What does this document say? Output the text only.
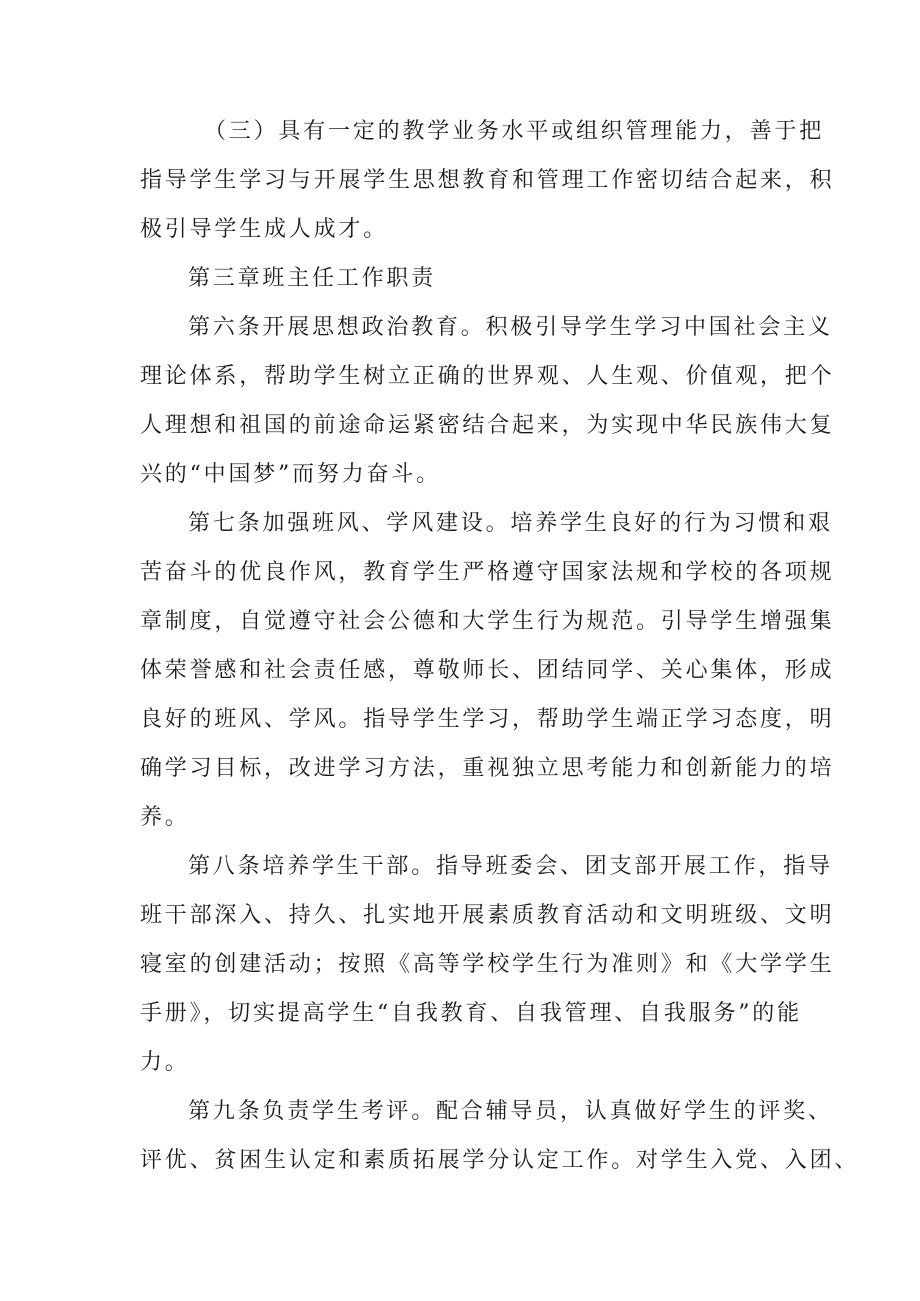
（三）具有一定的教学业务水平或组织管理能力，善于把
指导学生学习与开展学生思想教育和管理工作密切结合起来，积
极引导学生成人成才。
第三章班主任工作职责
第六条开展思想政治教育。积极引导学生学习中国社会主义
理论体系，帮助学生树立正确的世界观、人生观、价值观，把个
人理想和祖国的前途命运紧密结合起来，为实现中华民族伟大复
兴的“中国梦”而努力奋斗。
第七条加强班风、学风建设。培养学生良好的行为习惯和艰
苦奋斗的优良作风，教育学生严格遵守国家法规和学校的各项规
章制度，自觉遵守社会公德和大学生行为规范。引导学生增强集
体荣誉感和社会责任感，尊敬师长、团结同学、关心集体，形成
良好的班风、学风。指导学生学习，帮助学生端正学习态度，明
确学习目标，改进学习方法，重视独立思考能力和创新能力的培
养。
第八条培养学生干部。指导班委会、团支部开展工作，指导
班干部深入、持久、扎实地开展素质教育活动和文明班级、文明
寝室的创建活动；按照《高等学校学生行为准则》和《大学学生
手册》，切实提高学生“自我教育、自我管理、自我服务”的能
力。
第九条负责学生考评。配合辅导员，认真做好学生的评奖、
评优、贫困生认定和素质拓展学分认定工作。对学生入党、入团、
